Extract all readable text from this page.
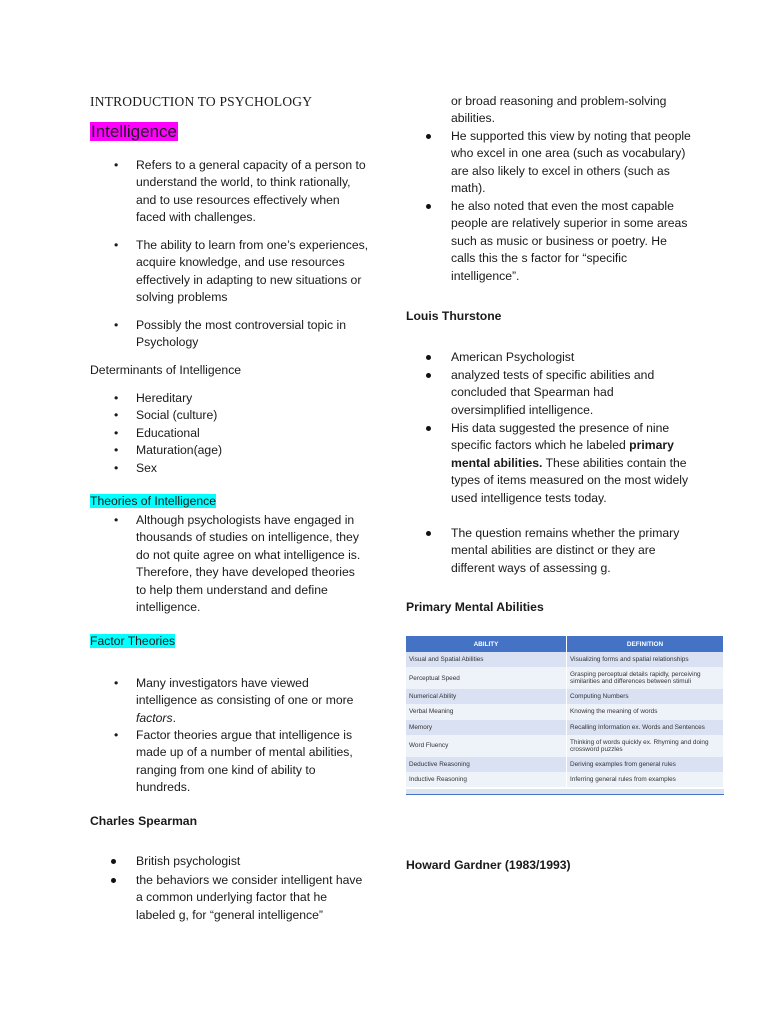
INTRODUCTION TO PSYCHOLOGY
Intelligence
• Refers to a general capacity of a person to understand the world, to think rationally, and to use resources effectively when faced with challenges.
• The ability to learn from one’s experiences, acquire knowledge, and use resources effectively in adapting to new situations or solving problems
• Possibly the most controversial topic in Psychology
Determinants of Intelligence
• Hereditary
• Social (culture)
• Educational
• Maturation(age)
• Sex
Theories of Intelligence
• Although psychologists have engaged in thousands of studies on intelligence, they do not quite agree on what intelligence is. Therefore, they have developed theories to help them understand and define intelligence.
Factor Theories
• Many investigators have viewed intelligence as consisting of one or more factors.
• Factor theories argue that intelligence is made up of a number of mental abilities, ranging from one kind of ability to hundreds.
Charles Spearman
British psychologist
the behaviors we consider intelligent have a common underlying factor that he labeled g, for “general intelligence”
or broad reasoning and problem-solving abilities.
He supported this view by noting that people who excel in one area (such as vocabulary) are also likely to excel in others (such as math).
he also noted that even the most capable people are relatively superior in some areas such as music or business or poetry. He calls this the s factor for “specific intelligence”.
Louis Thurstone
American Psychologist
analyzed tests of specific abilities and concluded that Spearman had oversimplified intelligence.
His data suggested the presence of nine specific factors which he labeled primary mental abilities. These abilities contain the types of items measured on the most widely used intelligence tests today.
The question remains whether the primary mental abilities are distinct or they are different ways of assessing g.
Primary Mental Abilities
ABILITY	DEFINITION
Visual and Spatial Abilities	Visualizing forms and spatial relationships
Perceptual Speed	Grasping perceptual details rapidly, perceiving similarities and differences between stimuli
Numerical Ability	Computing Numbers
Verbal Meaning	Knowing the meaning of words
Memory	Recalling Information ex. Words and Sentences
Word Fluency	Thinking of words quickly ex. Rhyming and doing crossword puzzles
Deductive Reasoning	Deriving examples from general rules
Inductive Reasoning	Inferring general rules from examples
Howard Gardner (1983/1993)
